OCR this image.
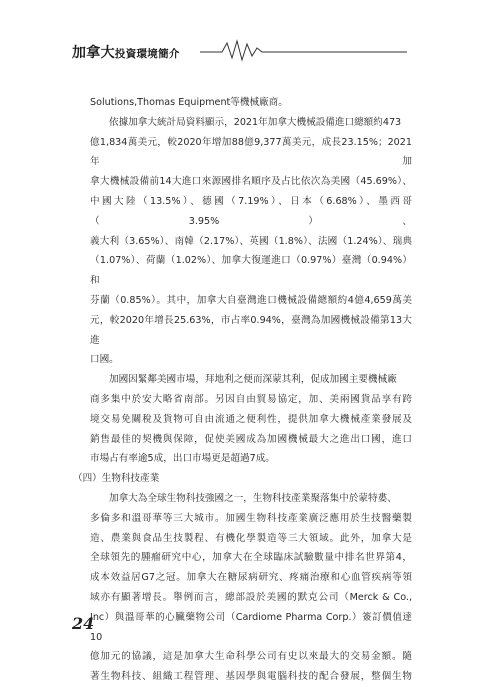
加拿大投資環境簡介
Solutions,Thomas Equipment等機械廠商。
依據加拿大統計局資料顯示，2021年加拿大機械設備進口總額約473
億1,834萬美元，較2020年增加88億9,377萬美元，成長23.15%；2021年加
拿大機械設備前14大進口來源國排名順序及占比依次為美國（45.69%）、
中國大陸（13.5%）、德國（7.19%）、日本（6.68%）、墨西哥（3.95%）、
義大利（3.65%）、南韓（2.17%）、英國（1.8%）、法國（1.24%）、瑞典
（1.07%）、荷蘭（1.02%）、加拿大復運進口（0.97%）臺灣（0.94%）和
芬蘭（0.85%）。其中，加拿大自臺灣進口機械設備總額約4億4,659萬美
元，較2020年增長25.63%，市占率0.94%，臺灣為加國機械設備第13大進
口國。
加國因緊鄰美國市場，拜地利之便而深蒙其利，促成加國主要機械廠
商多集中於安大略省南部。另因自由貿易協定，加、美兩國貨品享有跨
境交易免關稅及貨物可自由流通之便利性，提供加拿大機械產業發展及
銷售最佳的契機與保障，促使美國成為加國機械最大之進出口國，進口
市場占有率逾5成，出口市場更是超過7成。
（四）生物科技產業
加拿大為全球生物科技強國之一，生物科技產業聚落集中於蒙特婁、
多倫多和溫哥華等三大城市。加國生物科技產業廣泛應用於生技醫藥製
造、農業與食品生技製程、有機化學製造等三大領域。此外，加拿大是
全球領先的腫瘤研究中心，加拿大在全球臨床試驗數量中排名世界第4，
成本效益居G7之冠。加拿大在糖尿病研究、疼痛治療和心血管疾病等領
域亦有顯著增長。舉例而言，總部設於美國的默克公司（Merck & Co.,
Inc）與溫哥華的心臟藥物公司（Cardiome Pharma Corp.）簽訂價值達10
億加元的協議，這是加拿大生命科學公司有史以來最大的交易金額。隨
著生物科技、組織工程管理、基因學與電腦科技的配合發展，整個生物
24
